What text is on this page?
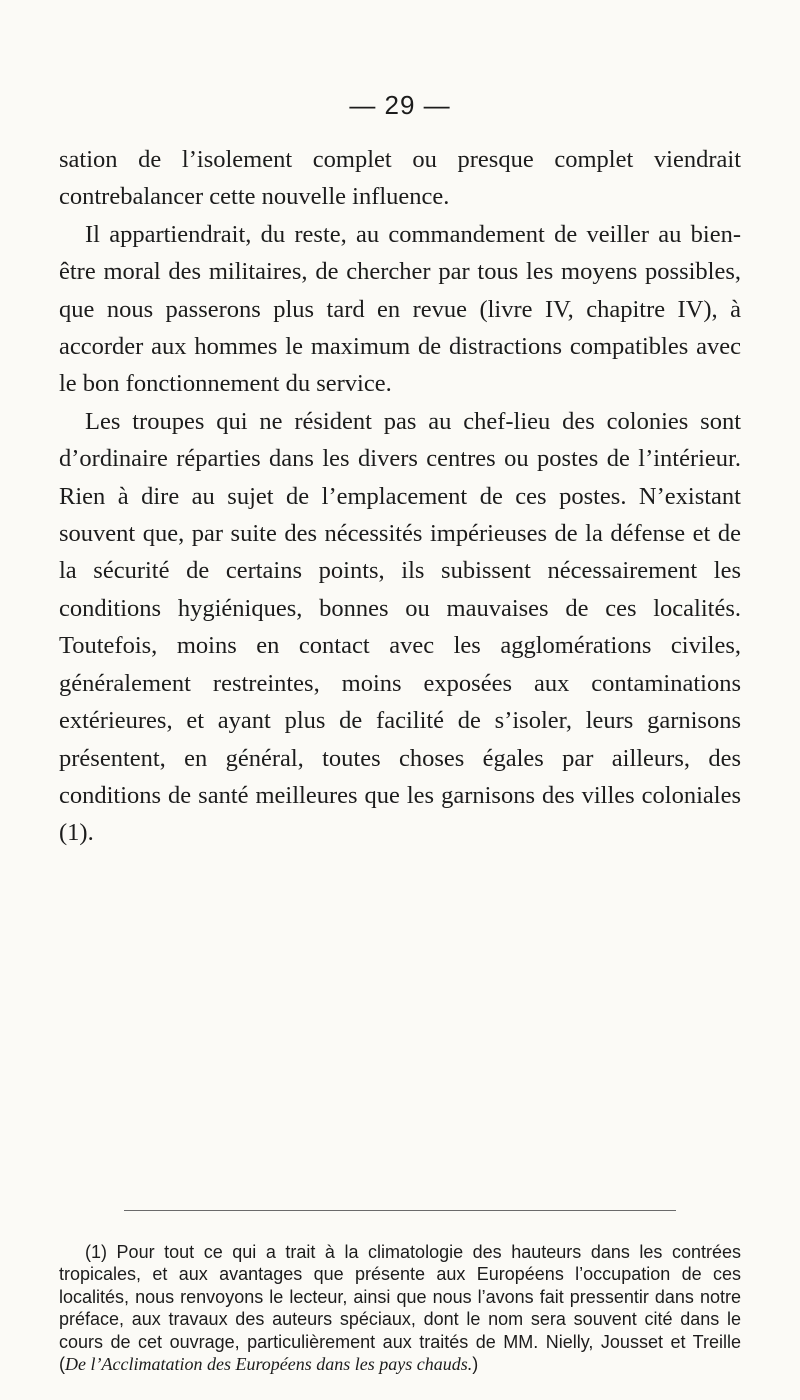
— 29 —

sation de l’isolement complet ou presque complet viendrait contrebalancer cette nouvelle influence.

Il appartiendrait, du reste, au commandement de veiller au bien-être moral des militaires, de chercher par tous les moyens possibles, que nous passerons plus tard en revue (livre IV, chapitre IV), à accorder aux hommes le maximum de distractions compatibles avec le bon fonctionnement du service.

Les troupes qui ne résident pas au chef-lieu des colonies sont d’ordinaire réparties dans les divers centres ou postes de l’intérieur. Rien à dire au sujet de l’emplacement de ces postes. N’existant souvent que, par suite des nécessités impérieuses de la défense et de la sécurité de certains points, ils subissent nécessairement les conditions hygiéniques, bonnes ou mauvaises de ces localités. Toutefois, moins en contact avec les agglomérations civiles, généralement restreintes, moins exposées aux contaminations extérieures, et ayant plus de facilité de s’isoler, leurs garnisons présentent, en général, toutes choses égales par ailleurs, des conditions de santé meilleures que les garnisons des villes coloniales (1).

(1) Pour tout ce qui a trait à la climatologie des hauteurs dans les contrées tropicales, et aux avantages que présente aux Européens l’occupation de ces localités, nous renvoyons le lecteur, ainsi que nous l’avons fait pressentir dans notre préface, aux travaux des auteurs spéciaux, dont le nom sera souvent cité dans le cours de cet ouvrage, particulièrement aux traités de MM. Nielly, Jousset et Treille (De l’Acclimatation des Européens dans les pays chauds.)
